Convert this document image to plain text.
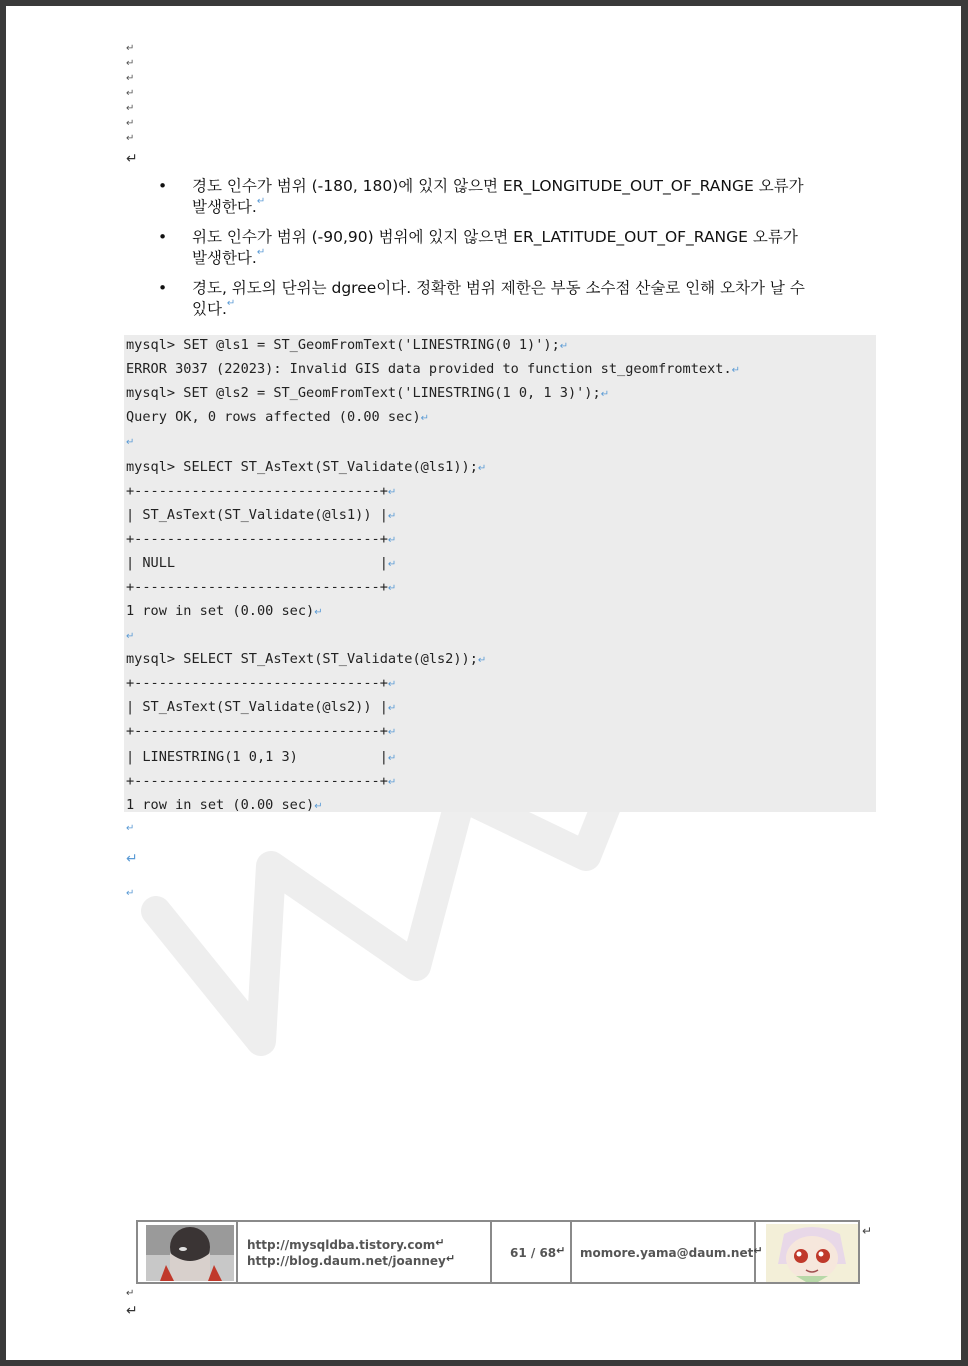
↵
↵
↵
↵
↵
↵
↵
↵
• 경도 인수가 범위 (-180, 180)에 있지 않으면 ER_LONGITUDE_OUT_OF_RANGE 오류가
발생한다. ↵
• 위도 인수가 범위 (-90,90) 범위에 있지 않으면 ER_LATITUDE_OUT_OF_RANGE 오류가
발생한다. ↵
• 경도, 위도의 단위는 dgree이다. 정확한 범위 제한은 부동 소수점 산술로 인해 오차가 날 수
있다. ↵
mysql> SET @ls1 = ST_GeomFromText('LINESTRING(0 1)');↵
ERROR 3037 (22023): Invalid GIS data provided to function st_geomfromtext.↵
mysql> SET @ls2 = ST_GeomFromText('LINESTRING(1 0, 1 3)');↵
Query OK, 0 rows affected (0.00 sec)↵
↵
mysql> SELECT ST_AsText(ST_Validate(@ls1));↵
+------------------------------+↵
| ST_AsText(ST_Validate(@ls1)) |↵
+------------------------------+↵
| NULL                         |↵
+------------------------------+↵
1 row in set (0.00 sec)↵
↵
mysql> SELECT ST_AsText(ST_Validate(@ls2));↵
+------------------------------+↵
| ST_AsText(ST_Validate(@ls2)) |↵
+------------------------------+↵
| LINESTRING(1 0,1 3)          |↵
+------------------------------+↵
1 row in set (0.00 sec)↵
↵
↵
↵
http://mysqldba.tistory.com ↵
http://blog.daum.net/joanney ↵	61 / 68 ↵ momore.yama@daum.net ↵
↵
↵
↵
